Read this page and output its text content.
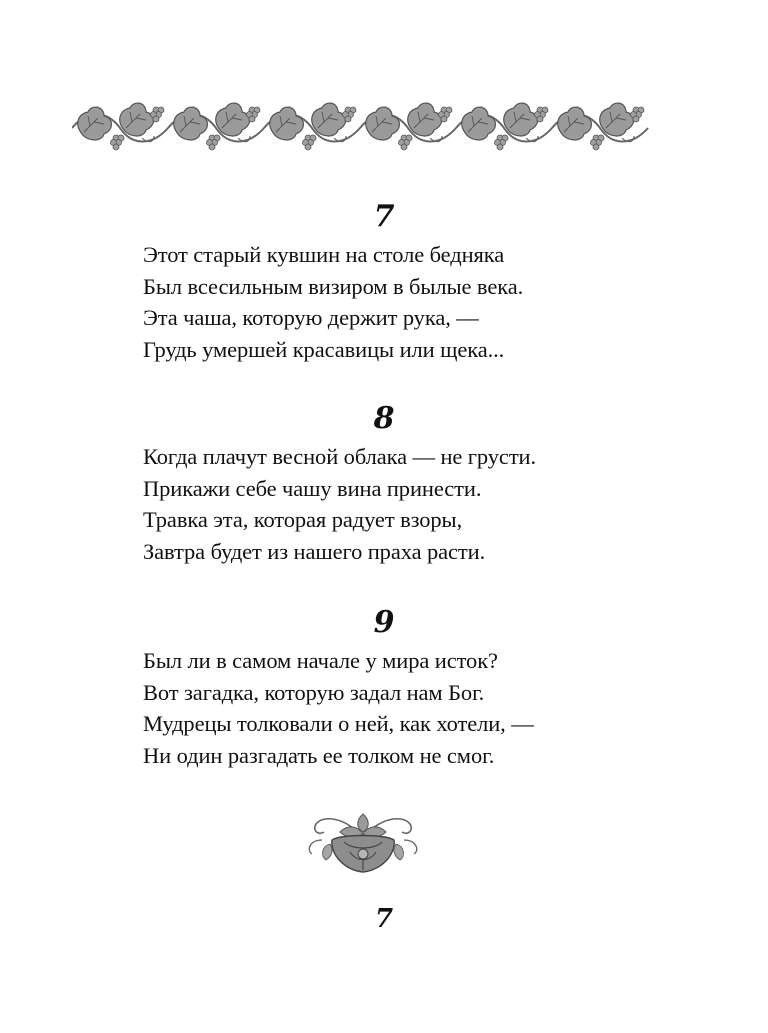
7
Этот старый кувшин на столе бедняка
Был всесильным визиром в былые века.
Эта чаша, которую держит рука, —
Грудь умершей красавицы или щека...
8
Когда плачут весной облака — не грусти.
Прикажи себе чашу вина принести.
Травка эта, которая радует взоры,
Завтра будет из нашего праха расти.
9
Был ли в самом начале у мира исток?
Вот загадка, которую задал нам Бог.
Мудрецы толковали о ней, как хотели, —
Ни один разгадать ее толком не смог.
7
